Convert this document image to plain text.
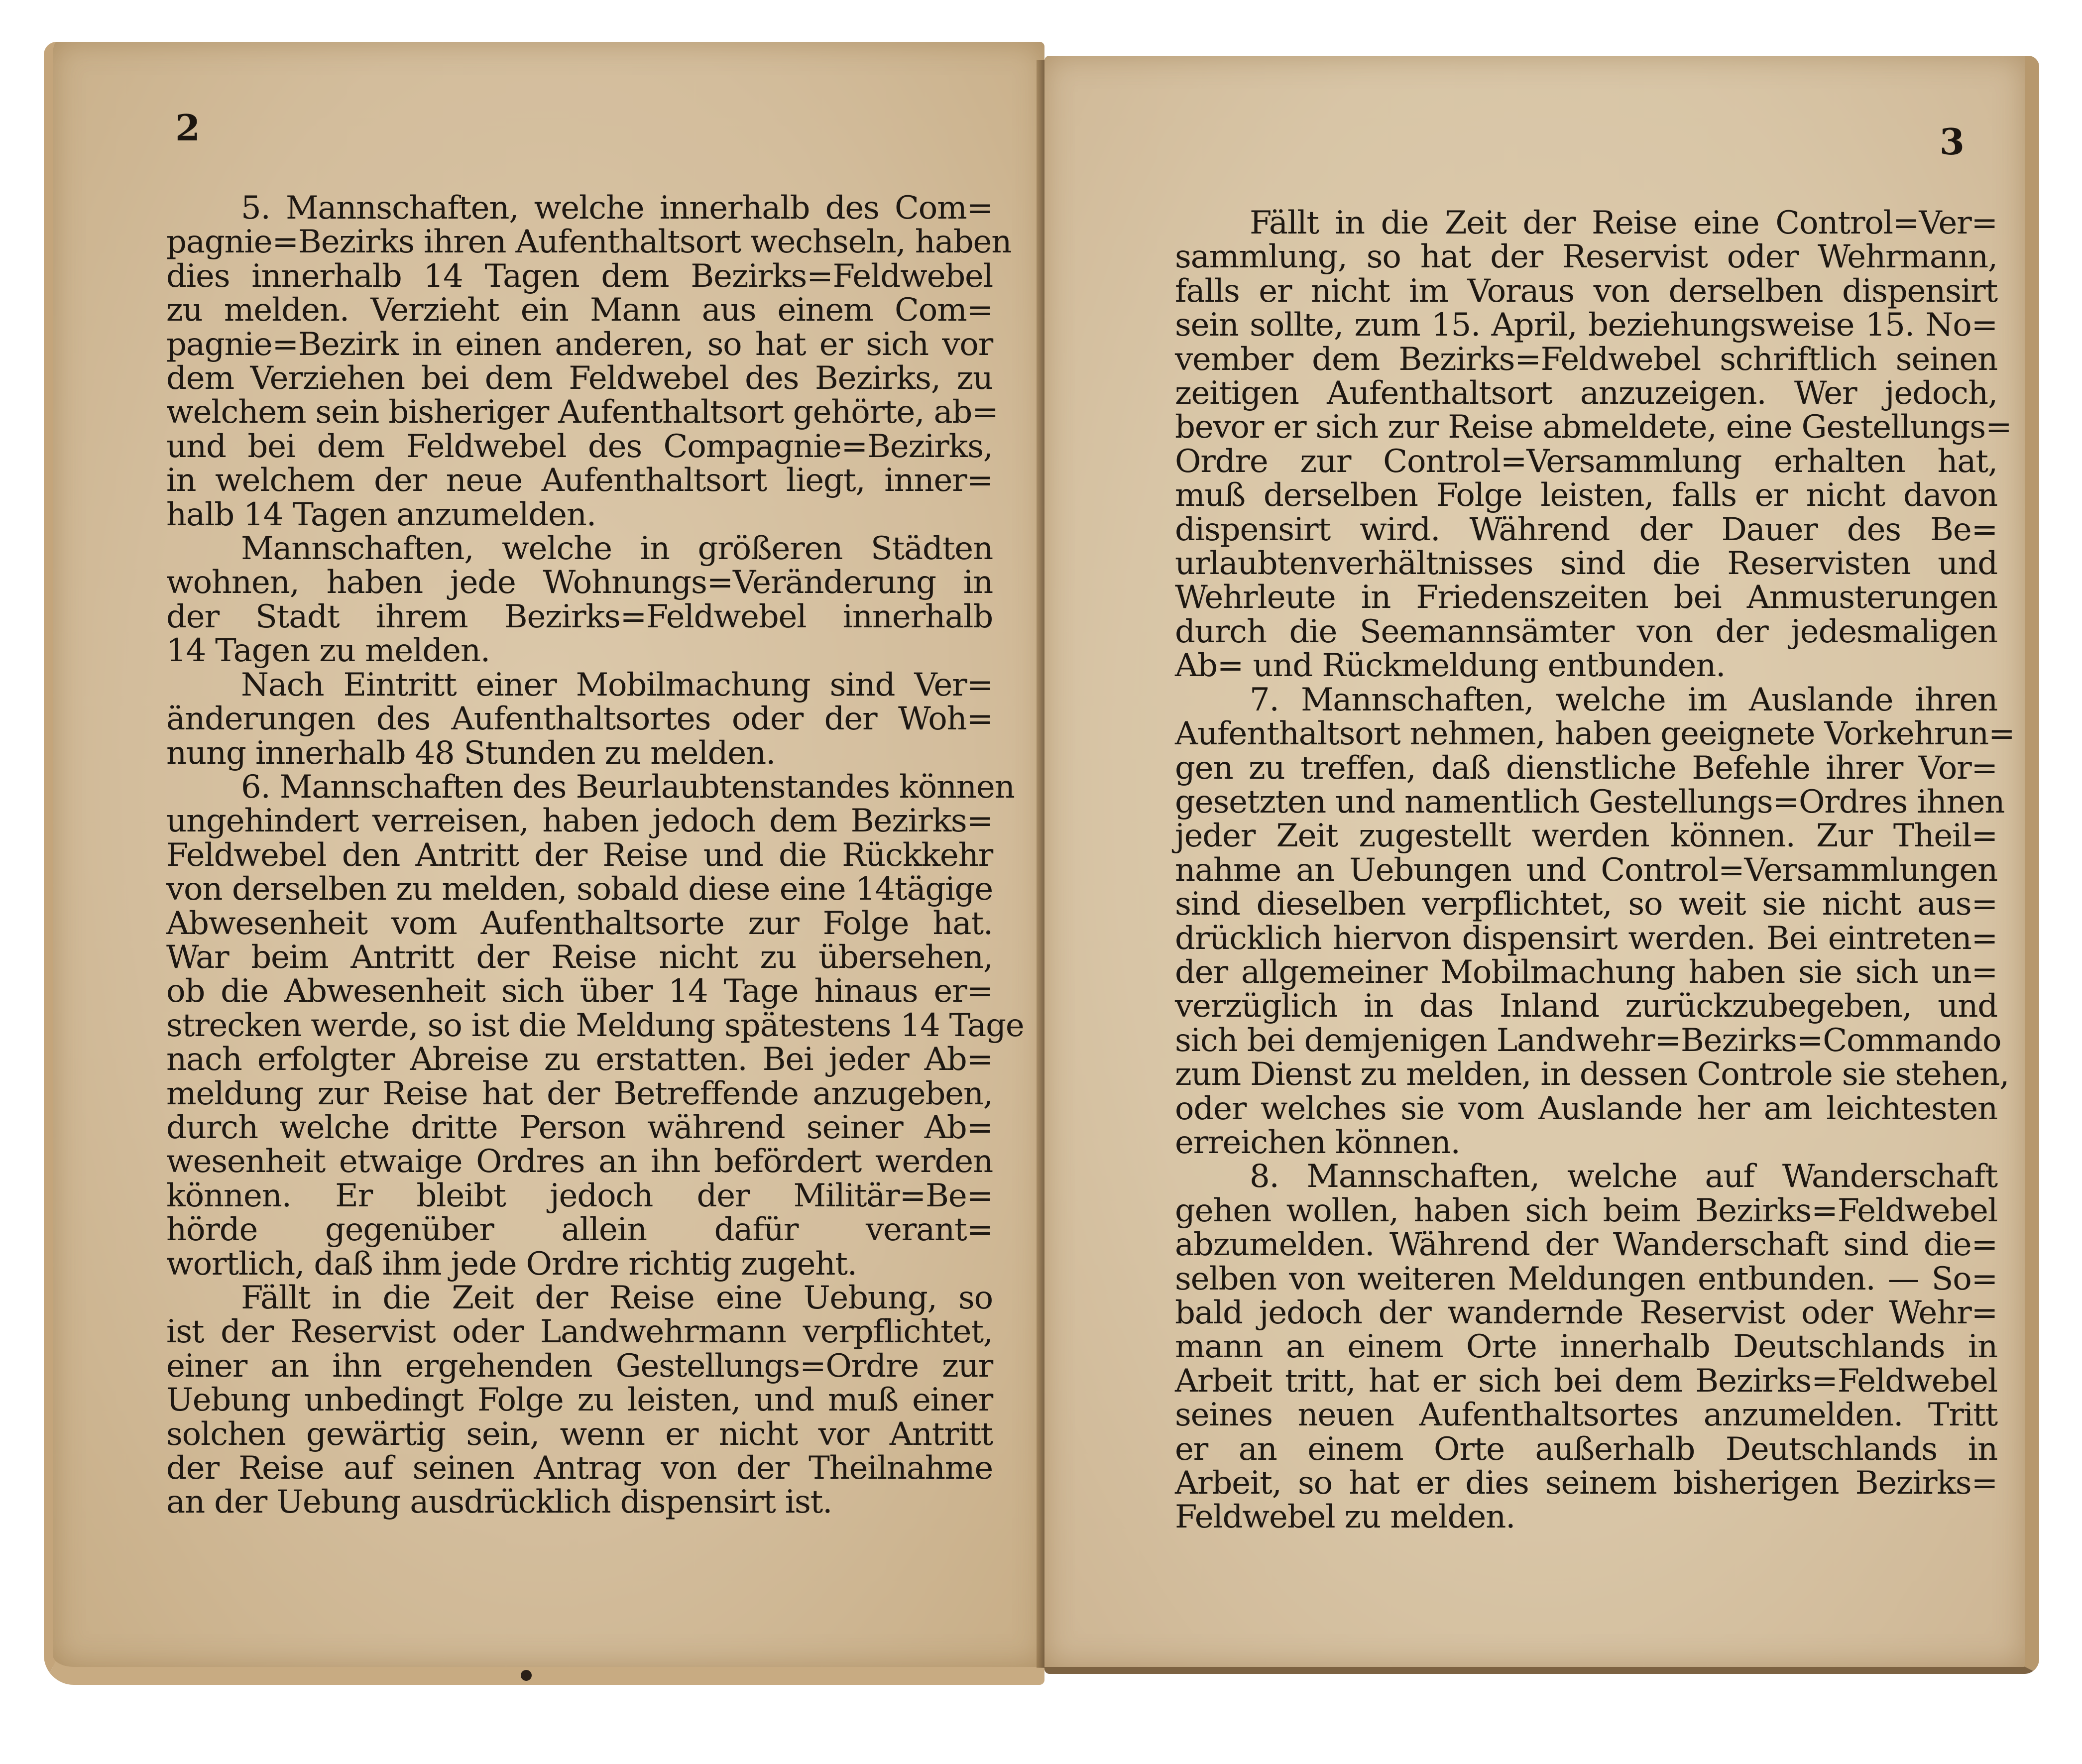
2
5. Mannschaften, welche innerhalb des Com=
pagnie=Bezirks ihren Aufenthaltsort wechseln, haben
dies innerhalb 14 Tagen dem Bezirks=Feldwebel
zu melden. Verzieht ein Mann aus einem Com=
pagnie=Bezirk in einen anderen, so hat er sich vor
dem Verziehen bei dem Feldwebel des Bezirks, zu
welchem sein bisheriger Aufenthaltsort gehörte, ab=
und bei dem Feldwebel des Compagnie=Bezirks,
in welchem der neue Aufenthaltsort liegt, inner=
halb 14 Tagen anzumelden.
Mannschaften, welche in größeren Städten
wohnen, haben jede Wohnungs=Veränderung in
der Stadt ihrem Bezirks=Feldwebel innerhalb
14 Tagen zu melden.
Nach Eintritt einer Mobilmachung sind Ver=
änderungen des Aufenthaltsortes oder der Woh=
nung innerhalb 48 Stunden zu melden.
6. Mannschaften des Beurlaubtenstandes können
ungehindert verreisen, haben jedoch dem Bezirks=
Feldwebel den Antritt der Reise und die Rückkehr
von derselben zu melden, sobald diese eine 14tägige
Abwesenheit vom Aufenthaltsorte zur Folge hat.
War beim Antritt der Reise nicht zu übersehen,
ob die Abwesenheit sich über 14 Tage hinaus er=
strecken werde, so ist die Meldung spätestens 14 Tage
nach erfolgter Abreise zu erstatten. Bei jeder Ab=
meldung zur Reise hat der Betreffende anzugeben,
durch welche dritte Person während seiner Ab=
wesenheit etwaige Ordres an ihn befördert werden
können. Er bleibt jedoch der Militär=Be=
hörde gegenüber allein dafür verant=
wortlich, daß ihm jede Ordre richtig zugeht.
Fällt in die Zeit der Reise eine Uebung, so
ist der Reservist oder Landwehrmann verpflichtet,
einer an ihn ergehenden Gestellungs=Ordre zur
Uebung unbedingt Folge zu leisten, und muß einer
solchen gewärtig sein, wenn er nicht vor Antritt
der Reise auf seinen Antrag von der Theilnahme
an der Uebung ausdrücklich dispensirt ist.
3
Fällt in die Zeit der Reise eine Control=Ver=
sammlung, so hat der Reservist oder Wehrmann,
falls er nicht im Voraus von derselben dispensirt
sein sollte, zum 15. April, beziehungsweise 15. No=
vember dem Bezirks=Feldwebel schriftlich seinen
zeitigen Aufenthaltsort anzuzeigen. Wer jedoch,
bevor er sich zur Reise abmeldete, eine Gestellungs=
Ordre zur Control=Versammlung erhalten hat,
muß derselben Folge leisten, falls er nicht davon
dispensirt wird. Während der Dauer des Be=
urlaubtenverhältnisses sind die Reservisten und
Wehrleute in Friedenszeiten bei Anmusterungen
durch die Seemannsämter von der jedesmaligen
Ab= und Rückmeldung entbunden.
7. Mannschaften, welche im Auslande ihren
Aufenthaltsort nehmen, haben geeignete Vorkehrun=
gen zu treffen, daß dienstliche Befehle ihrer Vor=
gesetzten und namentlich Gestellungs=Ordres ihnen
jeder Zeit zugestellt werden können. Zur Theil=
nahme an Uebungen und Control=Versammlungen
sind dieselben verpflichtet, so weit sie nicht aus=
drücklich hiervon dispensirt werden. Bei eintreten=
der allgemeiner Mobilmachung haben sie sich un=
verzüglich in das Inland zurückzubegeben, und
sich bei demjenigen Landwehr=Bezirks=Commando
zum Dienst zu melden, in dessen Controle sie stehen,
oder welches sie vom Auslande her am leichtesten
erreichen können.
8. Mannschaften, welche auf Wanderschaft
gehen wollen, haben sich beim Bezirks=Feldwebel
abzumelden. Während der Wanderschaft sind die=
selben von weiteren Meldungen entbunden. — So=
bald jedoch der wandernde Reservist oder Wehr=
mann an einem Orte innerhalb Deutschlands in
Arbeit tritt, hat er sich bei dem Bezirks=Feldwebel
seines neuen Aufenthaltsortes anzumelden. Tritt
er an einem Orte außerhalb Deutschlands in
Arbeit, so hat er dies seinem bisherigen Bezirks=
Feldwebel zu melden.
